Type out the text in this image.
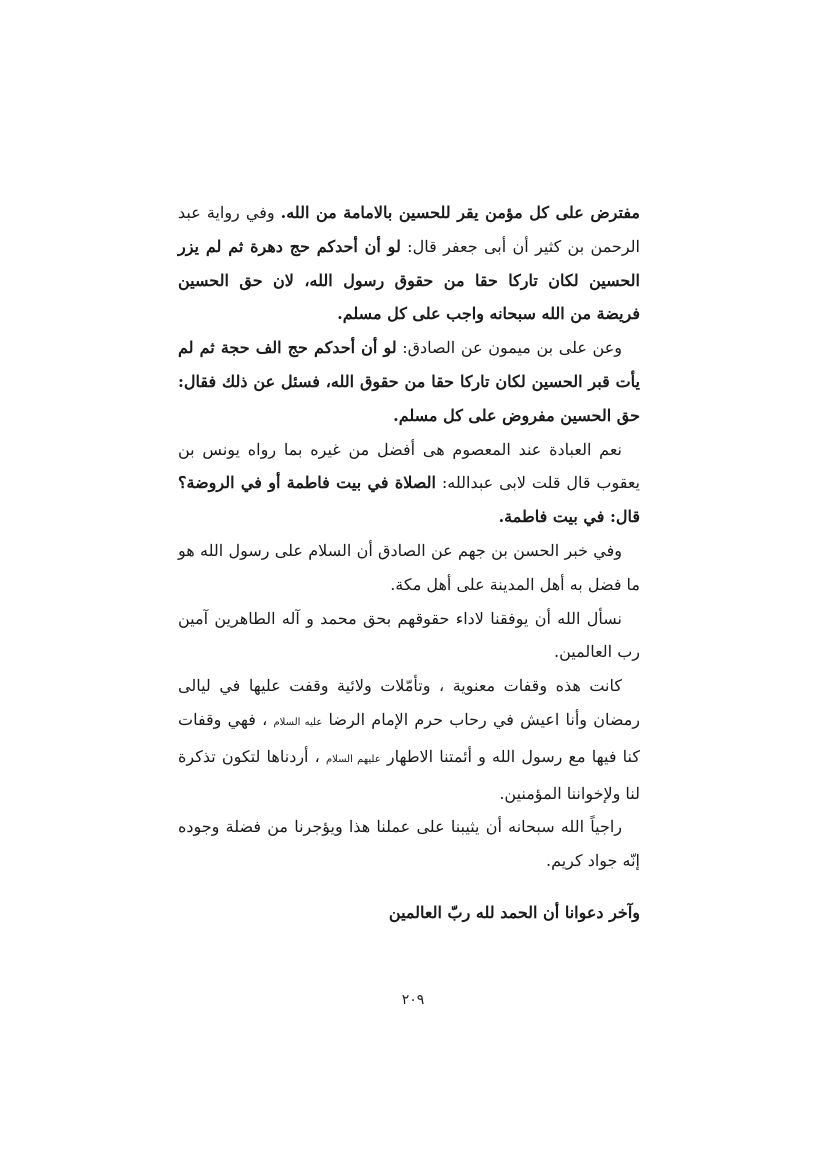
مفترض على كل مؤمن يقر للحسين بالامامة من الله. وفي رواية عبد الرحمن بن كثير أن أبى جعفر قال: لو أن أحدكم حج دهرة ثم لم يزر الحسين لكان تاركا حقا من حقوق رسول الله، لان حق الحسين فريضة من الله سبحانه واجب على كل مسلم.

وعن على بن ميمون عن الصادق: لو أن أحدكم حج الف حجة ثم لم يأت قبر الحسين لكان تاركا حقا من حقوق الله، فسئل عن ذلك فقال: حق الحسين مفروض على كل مسلم.

نعم العبادة عند المعصوم هى أفضل من غيره بما رواه يونس بن يعقوب قال قلت لابى عبدالله: الصلاة في بيت فاطمة أو في الروضة؟ قال: في بيت فاطمة.

وفي خبر الحسن بن جهم عن الصادق أن السلام على رسول الله هو ما فضل به أهل المدينة على أهل مكة.

نسأل الله أن يوفقنا لاداء حقوقهم بحق محمد و آله الطاهرين آمين رب العالمين.

كانت هذه وقفات معنوية ، وتأمّلات ولائية وقفت عليها في ليالى رمضان وأنا اعيش في رحاب حرم الإمام الرضا عليه السلام ، فهي وقفات كنا فيها مع رسول الله و أئمتنا الاطهار عليهم السلام ، أردناها لتكون تذكرة لنا ولإخواننا المؤمنين.

راجياً الله سبحانه أن يثيبنا على عملنا هذا ويؤجرنا من فضلة وجوده إنّه جواد كريم.

وآخر دعوانا أن الحمد لله ربّ العالمين
٢٠٩
